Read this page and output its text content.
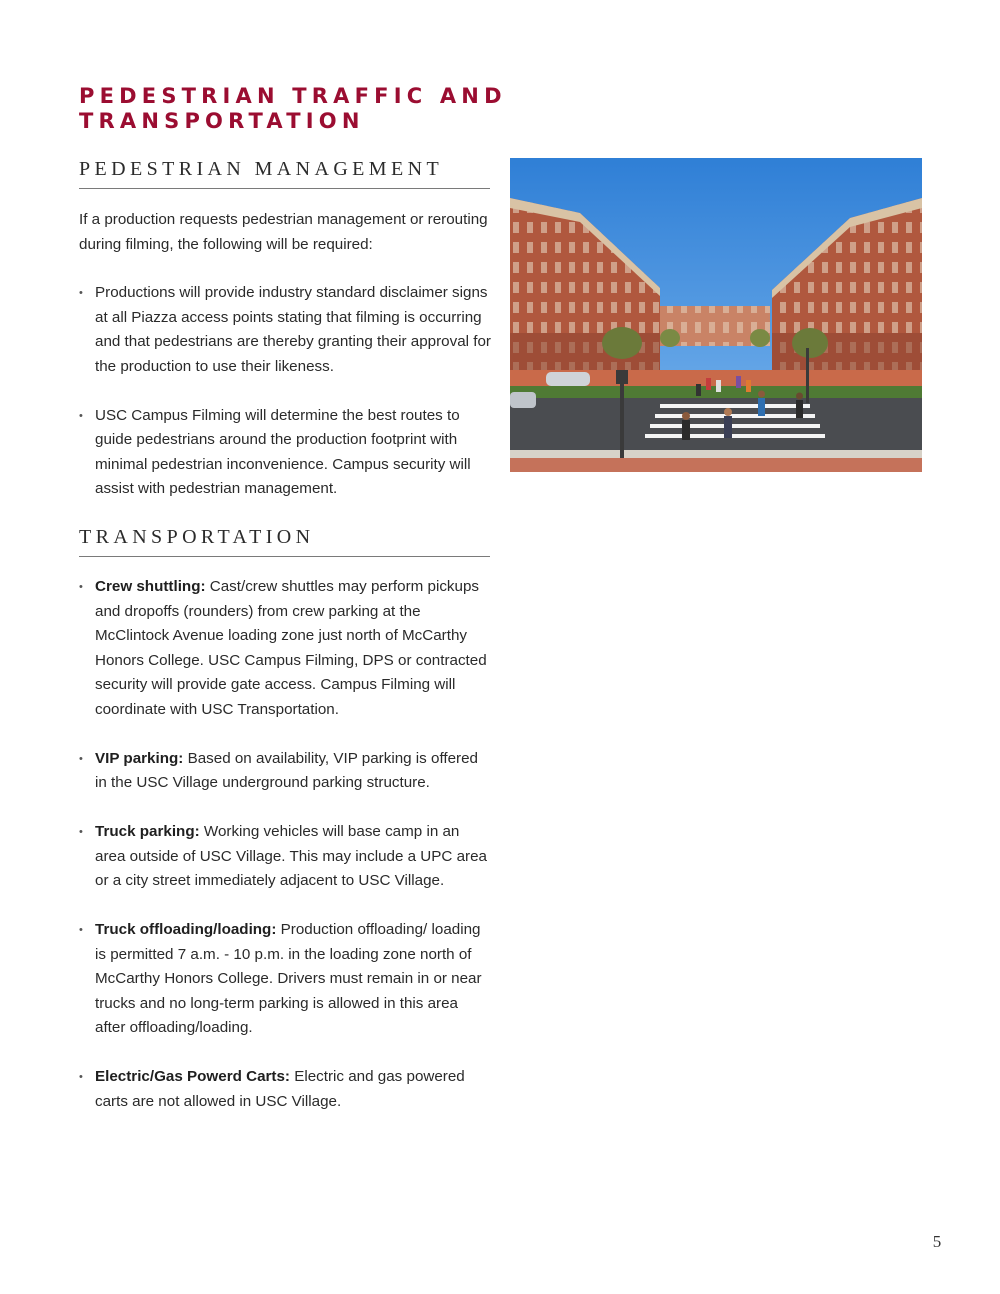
PEDESTRIAN TRAFFIC AND
TRANSPORTATION
PEDESTRIAN MANAGEMENT

If a production requests pedestrian management or rerouting during filming, the following will be required:

• Productions will provide industry standard disclaimer signs at all Piazza access points stating that filming is occurring and that pedestrians are thereby granting their approval for the production to use their likeness.
• USC Campus Filming will determine the best routes to guide pedestrians around the production footprint with minimal pedestrian inconvenience. Campus security will assist with pedestrian management.
TRANSPORTATION
• Crew shuttling: Cast/crew shuttles may perform pickups and dropoffs (rounders) from crew parking at the McClintock Avenue loading zone just north of McCarthy Honors College. USC Campus Filming, DPS or contracted security will provide gate access. Campus Filming will coordinate with USC Transportation.
• VIP parking: Based on availability, VIP parking is offered in the USC Village underground parking structure.
• Truck parking: Working vehicles will base camp in an area outside of USC Village. This may include a UPC area or a city street immediately adjacent to USC Village.
• Truck offloading/loading: Production offloading/ loading is permitted 7 a.m. - 10 p.m. in the loading zone north of McCarthy Honors College. Drivers must remain in or near trucks and no long-term parking is allowed in this area after offloading/loading.
• Electric/Gas Powerd Carts: Electric and gas powered carts are not allowed in USC Village.
5
